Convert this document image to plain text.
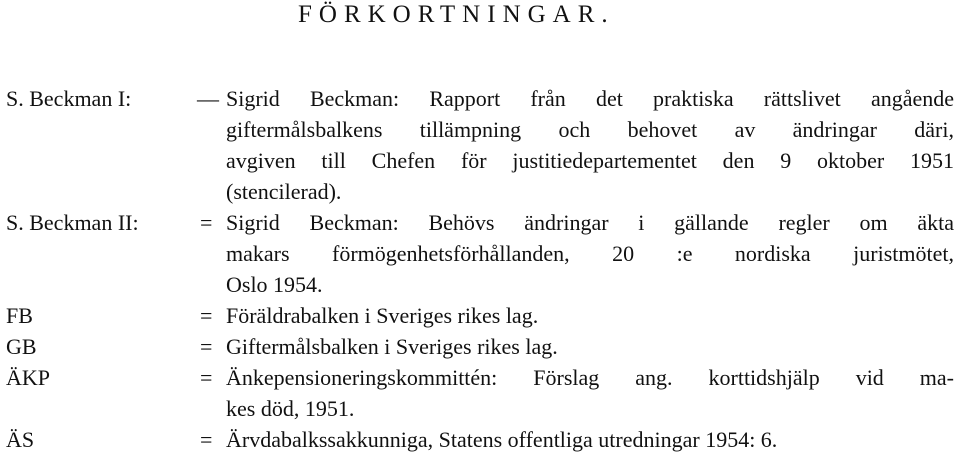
FÖRKORTNINGAR.
S. Beckman I:	— Sigrid Beckman: Rapport från det praktiska rättslivet angående
giftermålsbalkens tillämpning och behovet av ändringar däri,
avgiven till Chefen för justitiedepartementet den 9 oktober 1951
(stencilerad).
S. Beckman II:	= Sigrid Beckman: Behövs ändringar i gällande regler om äkta
makars förmögenhetsförhållanden, 20 :e nordiska juristmötet,
Oslo 1954.
FB	= Föräldrabalken i Sveriges rikes lag.
GB	= Giftermålsbalken i Sveriges rikes lag.
ÄKP	= Änkepensioneringskommittén: Förslag ang. korttidshjälp vid ma-
kes död, 1951.
ÄS	= Ärvdabalkssakkunniga, Statens offentliga utredningar 1954: 6.
